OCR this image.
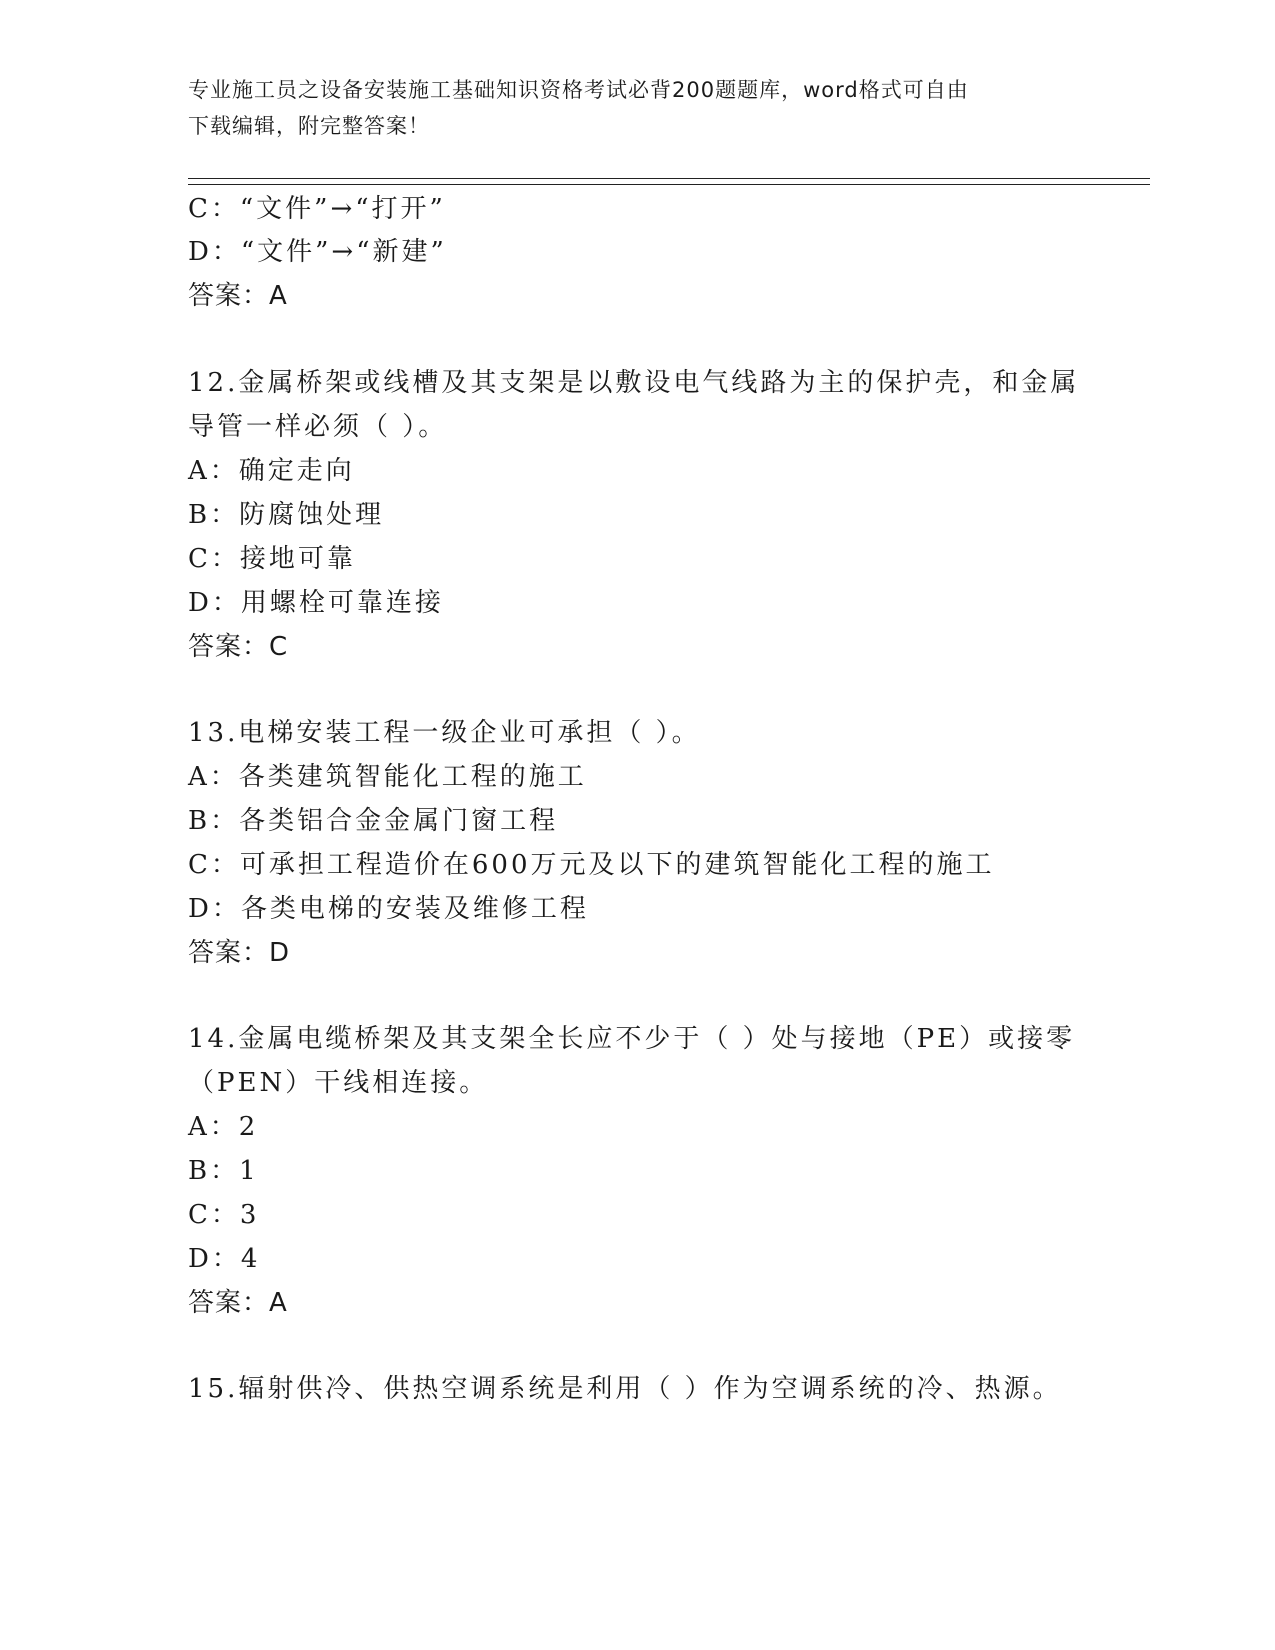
专业施工员之设备安装施工基础知识资格考试必背200题题库，word格式可自由
下载编辑，附完整答案！
C：“文件”→“打开”
D：“文件”→“新建”
答案：A
12.金属桥架或线槽及其支架是以敷设电气线路为主的保护壳，和金属
导管一样必须（ ）。
A：确定走向
B：防腐蚀处理
C：接地可靠
D：用螺栓可靠连接
答案：C
13.电梯安装工程一级企业可承担（ ）。
A：各类建筑智能化工程的施工
B：各类铝合金金属门窗工程
C：可承担工程造价在600万元及以下的建筑智能化工程的施工
D：各类电梯的安装及维修工程
答案：D
14.金属电缆桥架及其支架全长应不少于（ ）处与接地（PE）或接零
（PEN）干线相连接。
A：2
B：1
C：3
D：4
答案：A
15.辐射供冷、供热空调系统是利用（ ）作为空调系统的冷、热源。
